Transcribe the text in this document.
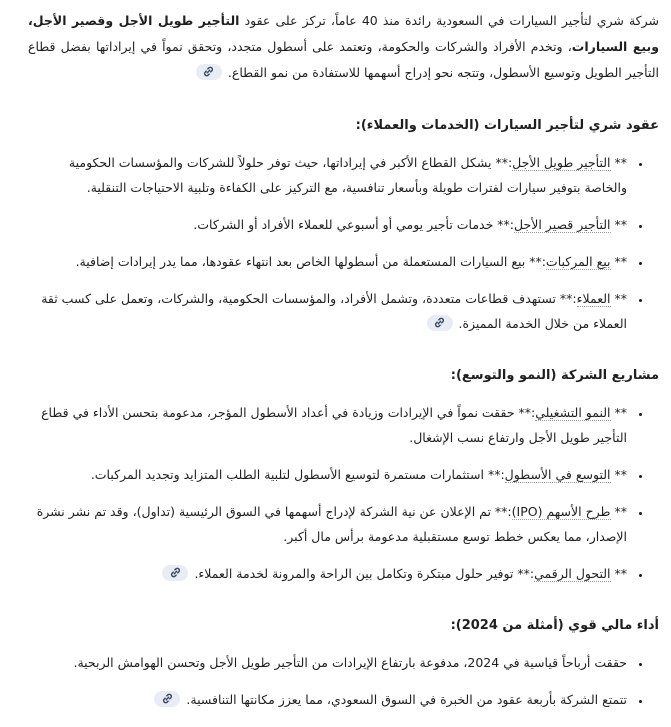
شركة شري لتأجير السيارات في السعودية رائدة منذ 40 عاماً، تركز على عقود التأجير طويل الأجل وقصير الأجل، وبيع السيارات، وتخدم الأفراد والشركات والحكومة، وتعتمد على أسطول متجدد، وتحقق نمواً في إيراداتها بفضل قطاع التأجير الطويل وتوسيع الأسطول، وتتجه نحو إدراج أسهمها للاستفادة من نمو القطاع.

عقود شري لتأجير السيارات (الخدمات والعملاء):
• ** التأجير طويل الأجل:** يشكل القطاع الأكبر في إيراداتها، حيث توفر حلولاً للشركات والمؤسسات الحكومية والخاصة بتوفير سيارات لفترات طويلة وبأسعار تنافسية، مع التركيز على الكفاءة وتلبية الاحتياجات التنقلية.
• ** التأجير قصير الأجل:** خدمات تأجير يومي أو أسبوعي للعملاء الأفراد أو الشركات.
• ** بيع المركبات:** بيع السيارات المستعملة من أسطولها الخاص بعد انتهاء عقودها، مما يدر إيرادات إضافية.
• ** العملاء:** تستهدف قطاعات متعددة، وتشمل الأفراد، والمؤسسات الحكومية، والشركات، وتعمل على كسب ثقة العملاء من خلال الخدمة المميزة.
مشاريع الشركة (النمو والتوسع):
• ** النمو التشغيلي:** حققت نمواً في الإيرادات وزيادة في أعداد الأسطول المؤجر، مدعومة بتحسن الأداء في قطاع التأجير طويل الأجل وارتفاع نسب الإشغال.
• ** التوسع في الأسطول:** استثمارات مستمرة لتوسيع الأسطول لتلبية الطلب المتزايد وتجديد المركبات.
• ** طرح الأسهم (IPO):** تم الإعلان عن نية الشركة لإدراج أسهمها في السوق الرئيسية (تداول)، وقد تم نشر نشرة الإصدار، مما يعكس خطط توسع مستقبلية مدعومة برأس مال أكبر.
• ** التحول الرقمي:** توفير حلول مبتكرة وتكامل بين الراحة والمرونة لخدمة العملاء.
أداء مالي قوي (أمثلة من 2024):
• حققت أرباحاً قياسية في 2024، مدفوعة بارتفاع الإيرادات من التأجير طويل الأجل وتحسن الهوامش الربحية.
• تتمتع الشركة بأربعة عقود من الخبرة في السوق السعودي، مما يعزز مكانتها التنافسية.
